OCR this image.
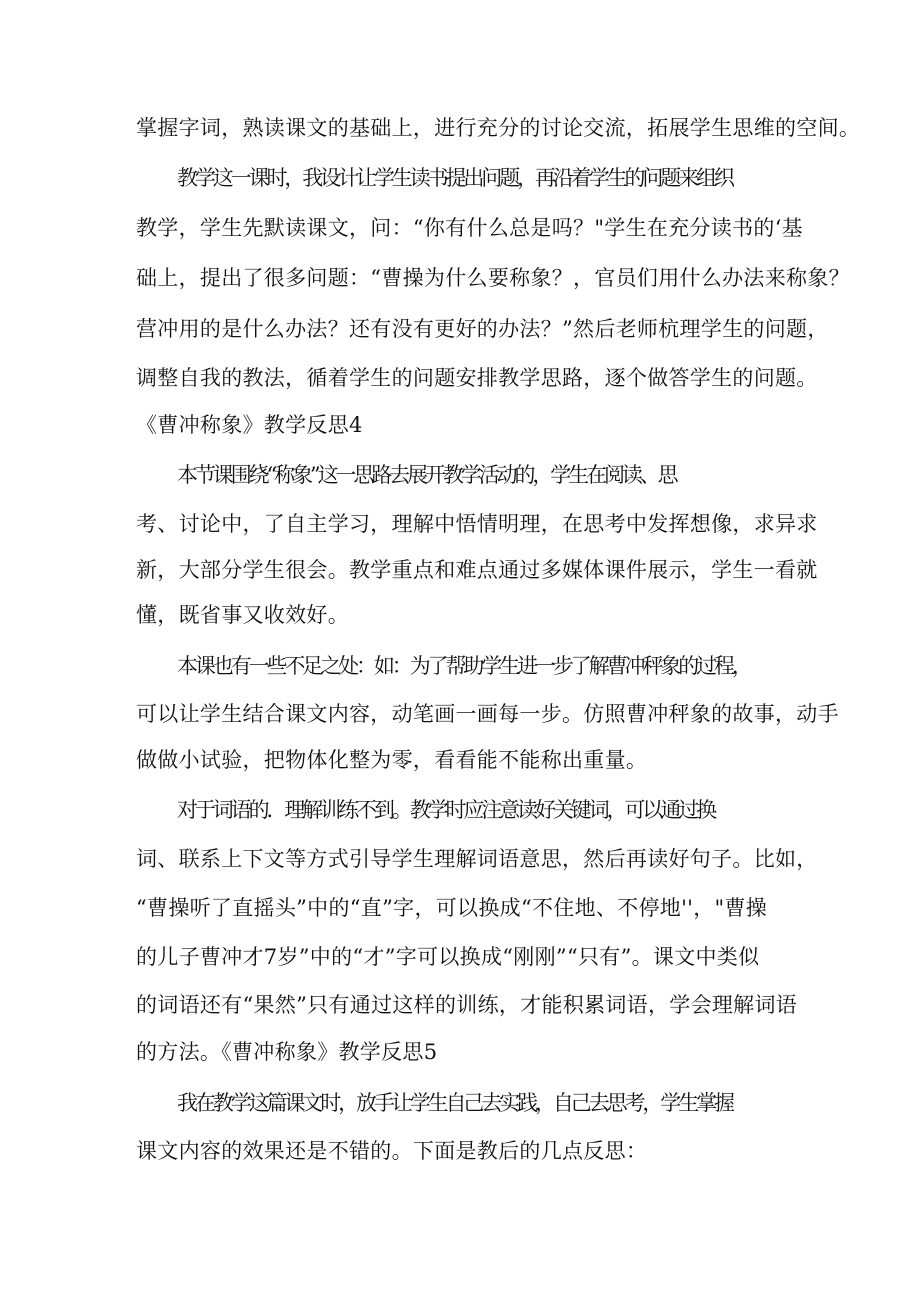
掌握字词，熟读课文的基础上，进行充分的讨论交流，拓展学生思维的空间。
教学这一课时，我设计让学生读书提出问题，再沿着学生的问题来组织
教学，学生先默读课文，问：“你有什么总是吗？"学生在充分读书的‘基
础上，提出了很多问题：“曹操为什么要称象？，官员们用什么办法来称象？
营冲用的是什么办法？还有没有更好的办法？”然后老师杭理学生的问题，
调整自我的教法，循着学生的问题安排教学思路，逐个做答学生的问题。
《曹冲称象》教学反思4
本节课围绕“称象”这一思路去展开教学活动的，学生在阅读、思
考、讨论中，了自主学习，理解中悟情明理，在思考中发挥想像，求异求
新，大部分学生很会。教学重点和难点通过多媒体课件展示，学生一看就
懂，既省事又收效好。
本课也有一些不足之处：如：为了帮助学生进一步了解曹冲秤象的过程，
可以让学生结合课文内容，动笔画一画每一步。仿照曹冲秤象的故事，动手
做做小试验，把物体化整为零，看看能不能称出重量。
对于词语的．理解训练不到。教学时应注意读好关键词，可以通过换
词、联系上下文等方式引导学生理解词语意思，然后再读好句子。比如，
“曹操听了直摇头”中的“直”字，可以换成“不住地、不停地''，"曹操
的儿子曹冲才7岁”中的“才”字可以换成“刚刚”“只有”。课文中类似
的词语还有“果然”只有通过这样的训练，才能积累词语，学会理解词语
的方法。《曹冲称象》教学反思5
我在教学这篇课文时，放手让学生自己去实践，自己去思考，学生掌握
课文内容的效果还是不错的。下面是教后的几点反思：
